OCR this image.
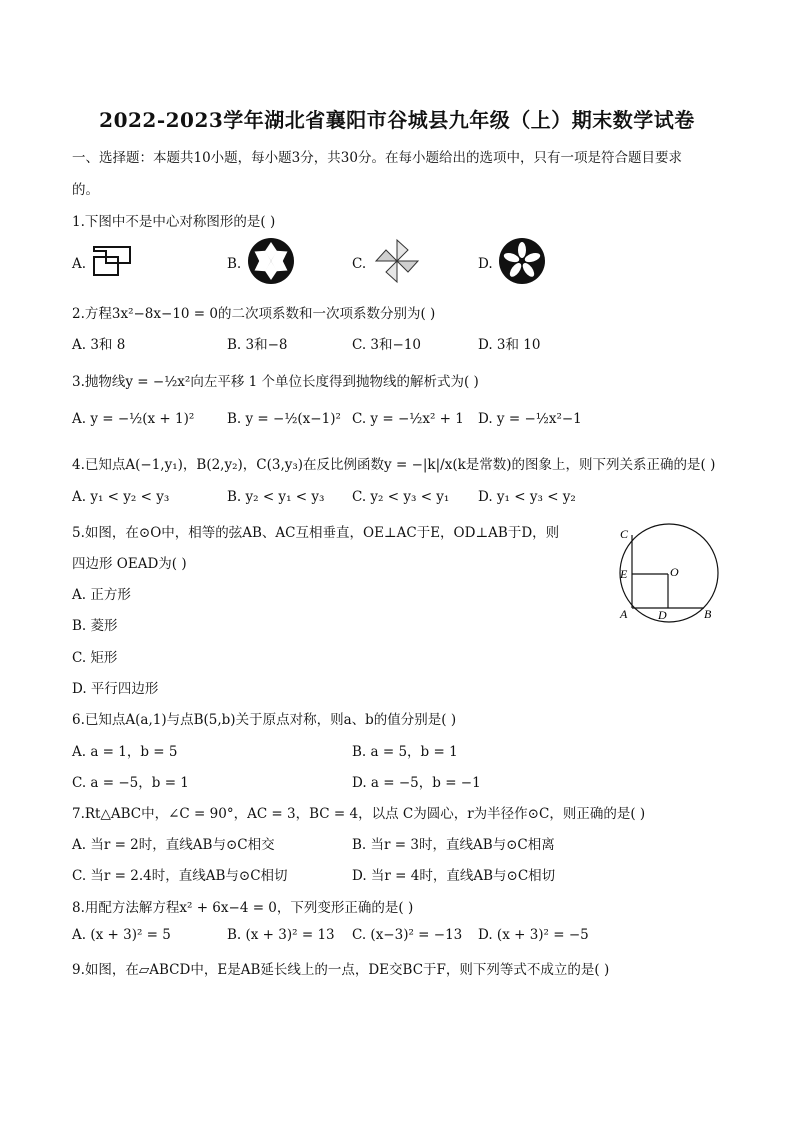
2022-2023学年湖北省襄阳市谷城县九年级（上）期末数学试卷
一、选择题：本题共10小题，每小题3分，共30分。在每小题给出的选项中，只有一项是符合题目要求
的。
1.下图中不是中心对称图形的是( )
A.	B.	C.	D.
2.方程3x²−8x−10 = 0的二次项系数和一次项系数分别为( )
A. 3和 8	B. 3和−8	C. 3和−10	D. 3和 10
3.抛物线y = −½x²向左平移 1 个单位长度得到抛物线的解析式为( )
A. y = −½(x + 1)² B. y = −½(x−1)² C. y = −½x² + 1 D. y = −½x²−1
4.已知点A(−1,y₁)，B(2,y₂)，C(3,y₃)在反比例函数y = −|k|/x(k是常数)的图象上，则下列关系正确的是( )
A. y₁ < y₂ < y₃	B. y₂ < y₁ < y₃ C. y₂ < y₃ < y₁ D. y₁ < y₃ < y₂
5.如图，在⊙O中，相等的弦AB、AC互相垂直，OE⊥AC于E，OD⊥AB于D，则
四边形 OEAD为( )
A. 正方形
B. 菱形
C. 矩形
D. 平行四边形
C
E	O
A	D	B
6.已知点A(a,1)与点B(5,b)关于原点对称，则a、b的值分别是( )
A. a = 1，b = 5	B. a = 5，b = 1
C. a = −5，b = 1	D. a = −5，b = −1
7.Rt△ABC中，∠C = 90°，AC = 3，BC = 4，以点 C为圆心，r为半径作⊙C，则正确的是( )
A. 当r = 2时，直线AB与⊙C相交	B. 当r = 3时，直线AB与⊙C相离
C. 当r = 2.4时，直线AB与⊙C相切	D. 当r = 4时，直线AB与⊙C相切
8.用配方法解方程x² + 6x−4 = 0，下列变形正确的是( )
A. (x + 3)² = 5	B. (x + 3)² = 13 C. (x−3)² = −13 D. (x + 3)² = −5
9.如图，在▱ABCD中，E是AB延长线上的一点，DE交BC于F，则下列等式不成立的是( )
